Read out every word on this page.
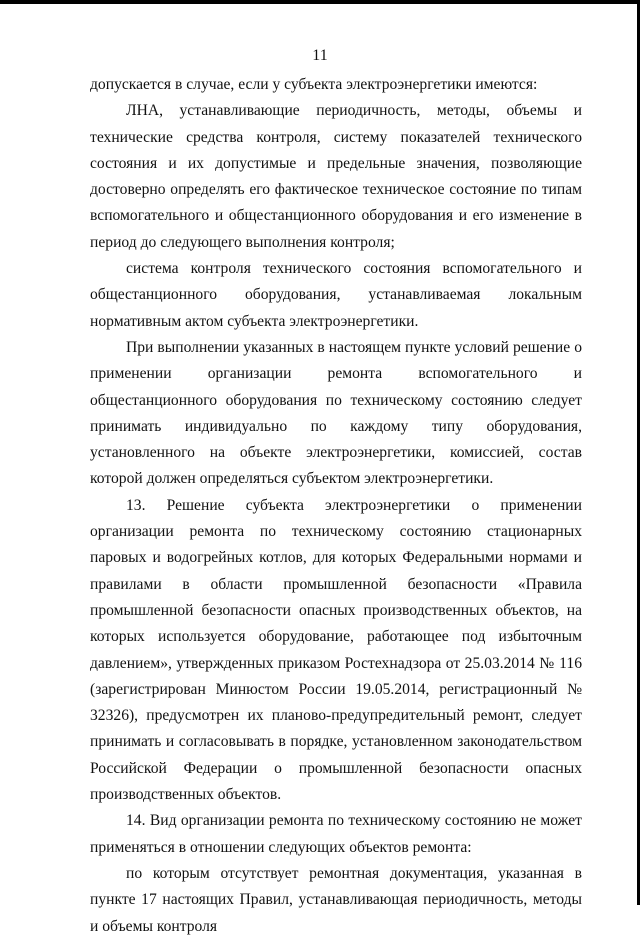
11

допускается в случае, если у субъекта электроэнергетики имеются:

ЛНА, устанавливающие периодичность, методы, объемы и технические средства контроля, систему показателей технического состояния и их допустимые и предельные значения, позволяющие достоверно определять его фактическое техническое состояние по типам вспомогательного и общестанционного оборудования и его изменение в период до следующего выполнения контроля;

система контроля технического состояния вспомогательного и общестанционного оборудования, устанавливаемая локальным нормативным актом субъекта электроэнергетики.

При выполнении указанных в настоящем пункте условий решение о применении организации ремонта вспомогательного и общестанционного оборудования по техническому состоянию следует принимать индивидуально по каждому типу оборудования, установленного на объекте электроэнергетики, комиссией, состав которой должен определяться субъектом электроэнергетики.

13. Решение субъекта электроэнергетики о применении организации ремонта по техническому состоянию стационарных паровых и водогрейных котлов, для которых Федеральными нормами и правилами в области промышленной безопасности «Правила промышленной безопасности опасных производственных объектов, на которых используется оборудование, работающее под избыточным давлением», утвержденных приказом Ростехнадзора от 25.03.2014 № 116 (зарегистрирован Минюстом России 19.05.2014, регистрационный № 32326), предусмотрен их планово-предупредительный ремонт, следует принимать и согласовывать в порядке, установленном законодательством Российской Федерации о промышленной безопасности опасных производственных объектов.

14. Вид организации ремонта по техническому состоянию не может применяться в отношении следующих объектов ремонта:

по которым отсутствует ремонтная документация, указанная в пункте 17 настоящих Правил, устанавливающая периодичность, методы и объемы контроля
